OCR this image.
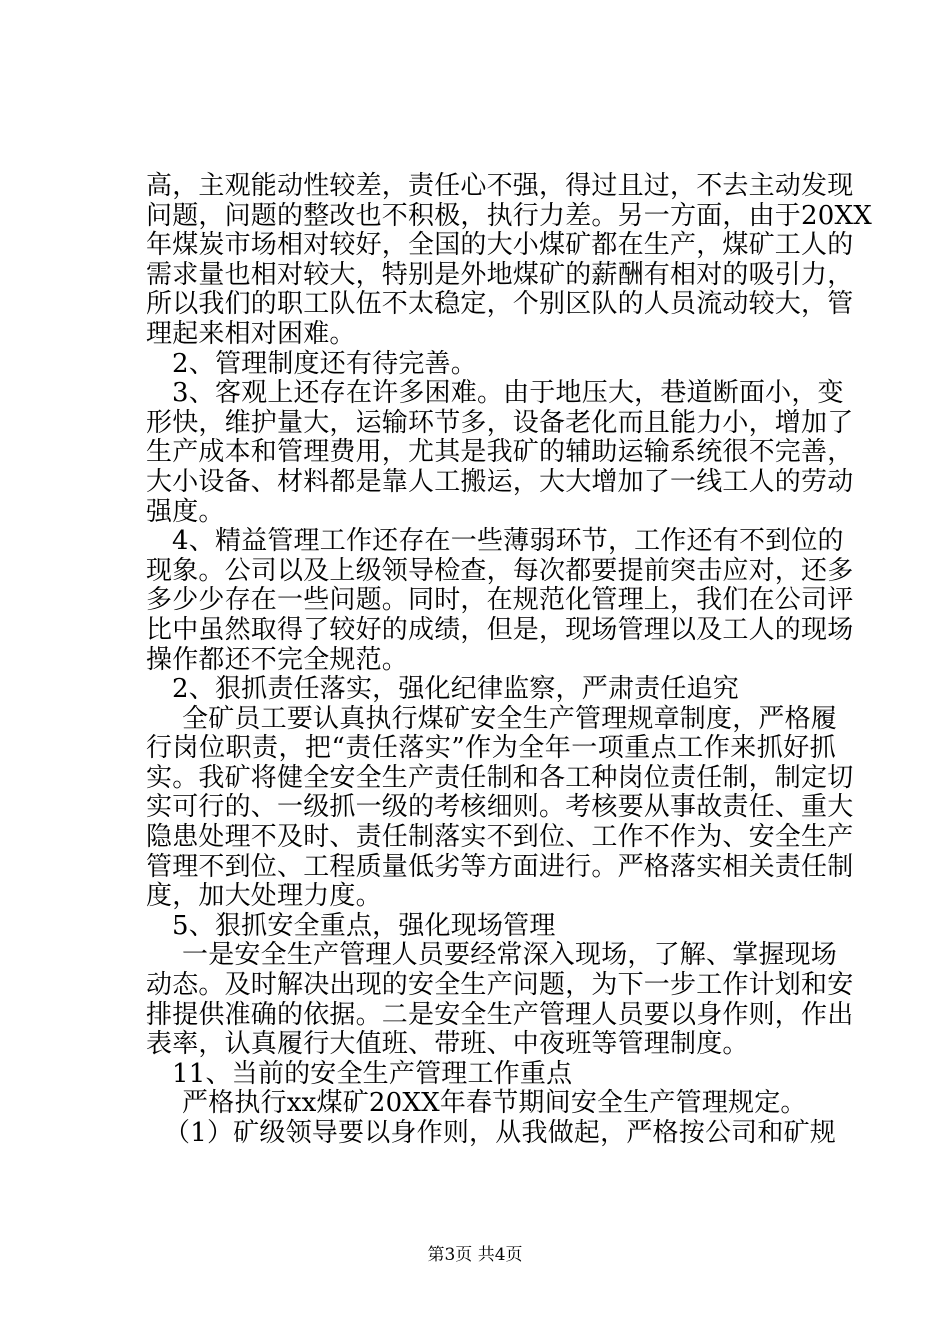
高，主观能动性较差，责任心不强，得过且过，不去主动发现
问题，问题的整改也不积极，执行力差。另一方面，由于20XX
年煤炭市场相对较好，全国的大小煤矿都在生产，煤矿工人的
需求量也相对较大，特别是外地煤矿的薪酬有相对的吸引力，
所以我们的职工队伍不太稳定，个别区队的人员流动较大，管
理起来相对困难。
2、管理制度还有待完善。
3、客观上还存在许多困难。由于地压大，巷道断面小，变
形快，维护量大，运输环节多，设备老化而且能力小，增加了
生产成本和管理费用，尤其是我矿的辅助运输系统很不完善，
大小设备、材料都是靠人工搬运，大大增加了一线工人的劳动
强度。
4、精益管理工作还存在一些薄弱环节，工作还有不到位的
现象。公司以及上级领导检查，每次都要提前突击应对，还多
多少少存在一些问题。同时，在规范化管理上，我们在公司评
比中虽然取得了较好的成绩，但是，现场管理以及工人的现场
操作都还不完全规范。
2、狠抓责任落实，强化纪律监察，严肃责任追究
全矿员工要认真执行煤矿安全生产管理规章制度，严格履
行岗位职责，把“责任落实”作为全年一项重点工作来抓好抓
实。我矿将健全安全生产责任制和各工种岗位责任制，制定切
实可行的、一级抓一级的考核细则。考核要从事故责任、重大
隐患处理不及时、责任制落实不到位、工作不作为、安全生产
管理不到位、工程质量低劣等方面进行。严格落实相关责任制
度，加大处理力度。
5、狠抓安全重点，强化现场管理
一是安全生产管理人员要经常深入现场，了解、掌握现场
动态。及时解决出现的安全生产问题，为下一步工作计划和安
排提供准确的依据。二是安全生产管理人员要以身作则，作出
表率，认真履行大值班、带班、中夜班等管理制度。
11、当前的安全生产管理工作重点
严格执行xx煤矿20XX年春节期间安全生产管理规定。
（1）矿级领导要以身作则，从我做起，严格按公司和矿规
第3页 共4页
